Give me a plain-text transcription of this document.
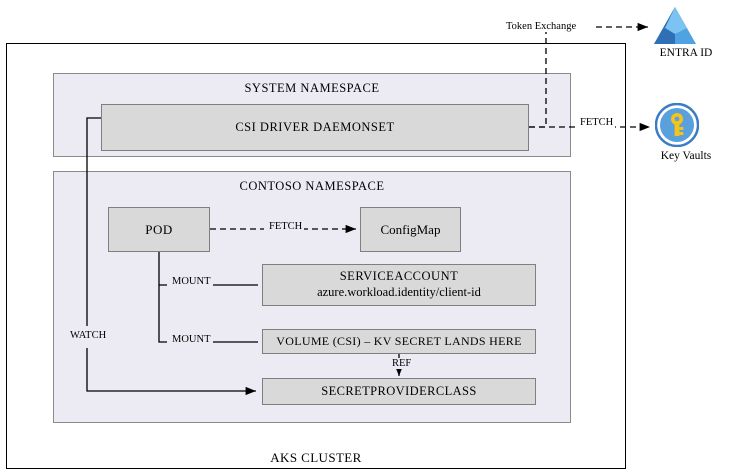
SYSTEM NAMESPACE
CSI DRIVER DAEMONSET
CONTOSO NAMESPACE
POD	ConfigMap
SERVICEACCOUNT
azure.workload.identity/client-id
VOLUME (CSI) – KV SECRET LANDS HERE
SECRETPROVIDERCLASS
AKS CLUSTER
Token Exchange
FETCH
FETCH
MOUNT
MOUNT
REF
WATCH
ENTRA ID
Key Vaults
